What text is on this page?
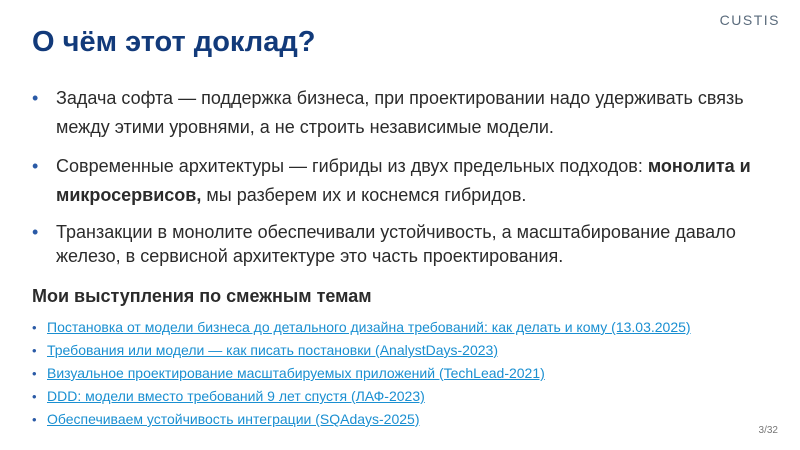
CUSTIS
О чём этот доклад?
• Задача софта — поддержка бизнеса, при проектировании надо удерживать связь между этими уровнями, а не строить независимые модели.
• Современные архитектуры — гибриды из двух предельных подходов: монолита и микросервисов, мы разберем их и коснемся гибридов.
• Транзакции в монолите обеспечивали устойчивость, а масштабирование давало железо, в сервисной архитектуре это часть проектирования.
Мои выступления по смежным темам
• Постановка от модели бизнеса до детального дизайна требований: как делать и кому (13.03.2025)
• Требования или модели — как писать постановки (AnalystDays-2023)
• Визуальное проектирование масштабируемых приложений (TechLead-2021)
• DDD: модели вместо требований 9 лет спустя (ЛАФ-2023)
• Обеспечиваем устойчивость интеграции (SQAdays-2025)
3/32
